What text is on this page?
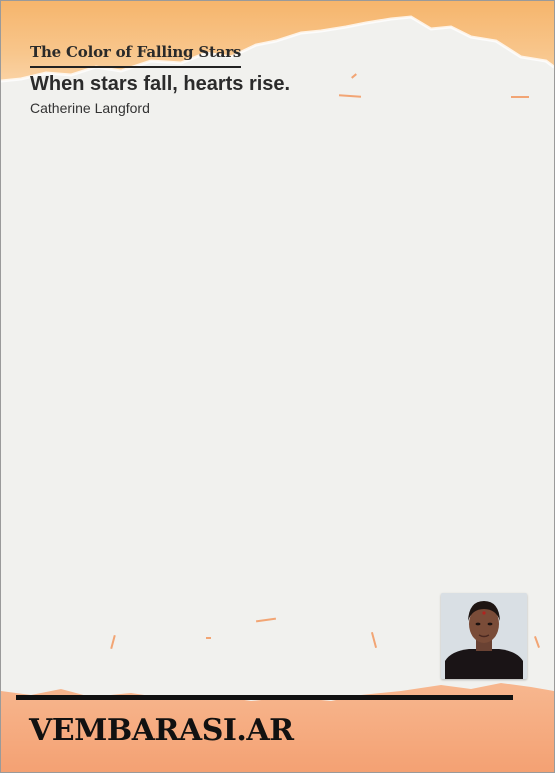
The Color of Falling Stars
When stars fall, hearts rise.
Catherine Langford
VEMBARASI.AR
